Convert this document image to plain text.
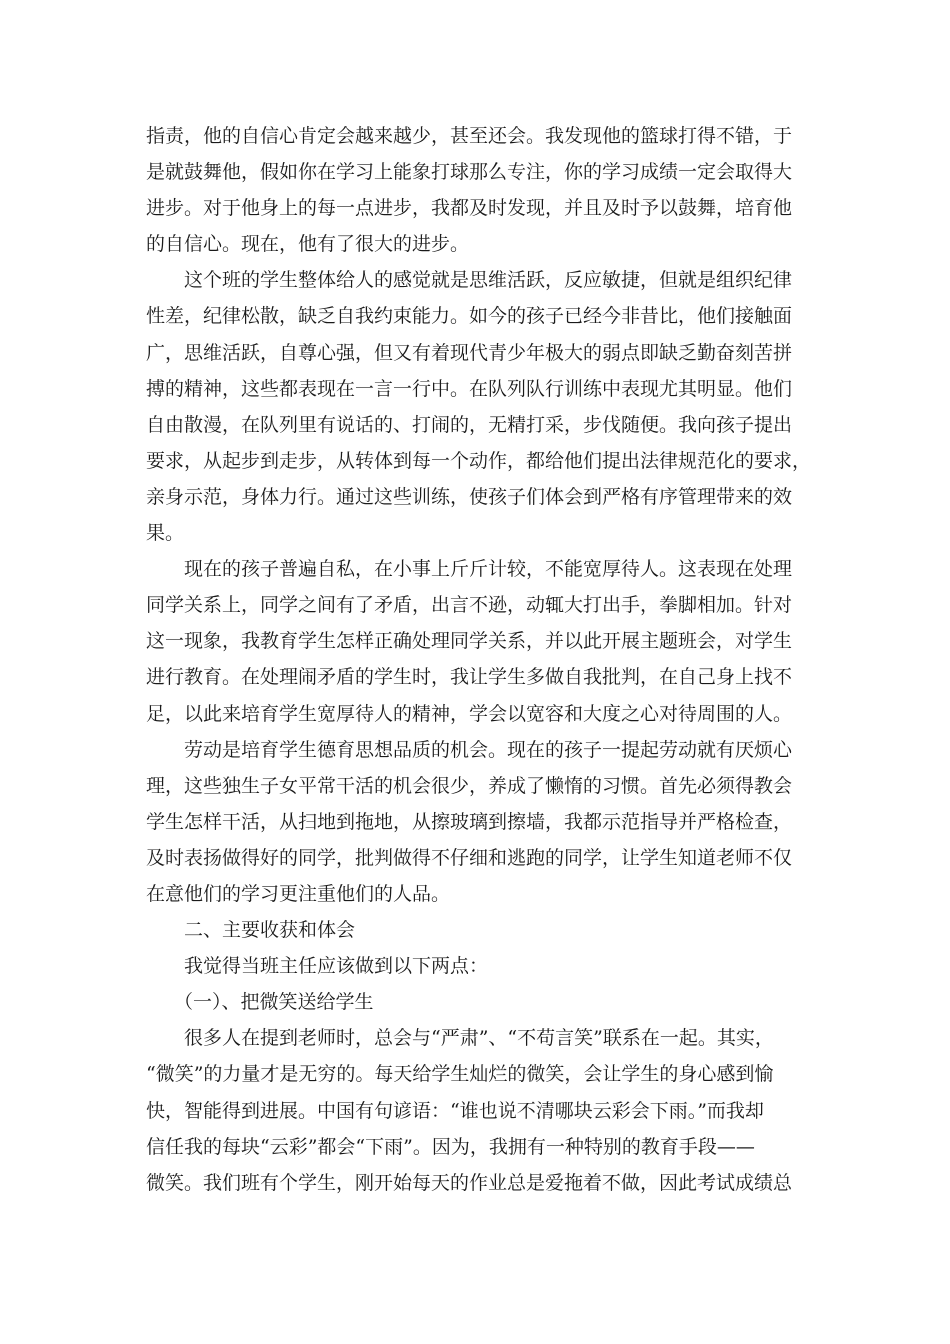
指责，他的自信心肯定会越来越少，甚至还会。我发现他的篮球打得不错，于
是就鼓舞他，假如你在学习上能象打球那么专注，你的学习成绩一定会取得大
进步。对于他身上的每一点进步，我都及时发现，并且及时予以鼓舞，培育他
的自信心。现在，他有了很大的进步。
这个班的学生整体给人的感觉就是思维活跃，反应敏捷，但就是组织纪律
性差，纪律松散，缺乏自我约束能力。如今的孩子已经今非昔比，他们接触面
广，思维活跃，自尊心强，但又有着现代青少年极大的弱点即缺乏勤奋刻苦拼
搏的精神，这些都表现在一言一行中。在队列队行训练中表现尤其明显。他们
自由散漫，在队列里有说话的、打闹的，无精打采，步伐随便。我向孩子提出
要求，从起步到走步，从转体到每一个动作，都给他们提出法律规范化的要求，
亲身示范，身体力行。通过这些训练，使孩子们体会到严格有序管理带来的效
果。
现在的孩子普遍自私，在小事上斤斤计较，不能宽厚待人。这表现在处理
同学关系上，同学之间有了矛盾，出言不逊，动辄大打出手，拳脚相加。针对
这一现象，我教育学生怎样正确处理同学关系，并以此开展主题班会，对学生
进行教育。在处理闹矛盾的学生时，我让学生多做自我批判，在自己身上找不
足，以此来培育学生宽厚待人的精神，学会以宽容和大度之心对待周围的人。
劳动是培育学生德育思想品质的机会。现在的孩子一提起劳动就有厌烦心
理，这些独生子女平常干活的机会很少，养成了懒惰的习惯。首先必须得教会
学生怎样干活，从扫地到拖地，从擦玻璃到擦墙，我都示范指导并严格检查，
及时表扬做得好的同学，批判做得不仔细和逃跑的同学，让学生知道老师不仅
在意他们的学习更注重他们的人品。
二、主要收获和体会
我觉得当班主任应该做到以下两点：
（一）、把微笑送给学生
很多人在提到老师时，总会与“严肃”、“不苟言笑”联系在一起。其实，
“微笑”的力量才是无穷的。每天给学生灿烂的微笑，会让学生的身心感到愉
快，智能得到进展。中国有句谚语：“谁也说不清哪块云彩会下雨。”而我却
信任我的每块“云彩”都会“下雨”。因为，我拥有一种特别的教育手段——
微笑。我们班有个学生，刚开始每天的作业总是爱拖着不做，因此考试成绩总
